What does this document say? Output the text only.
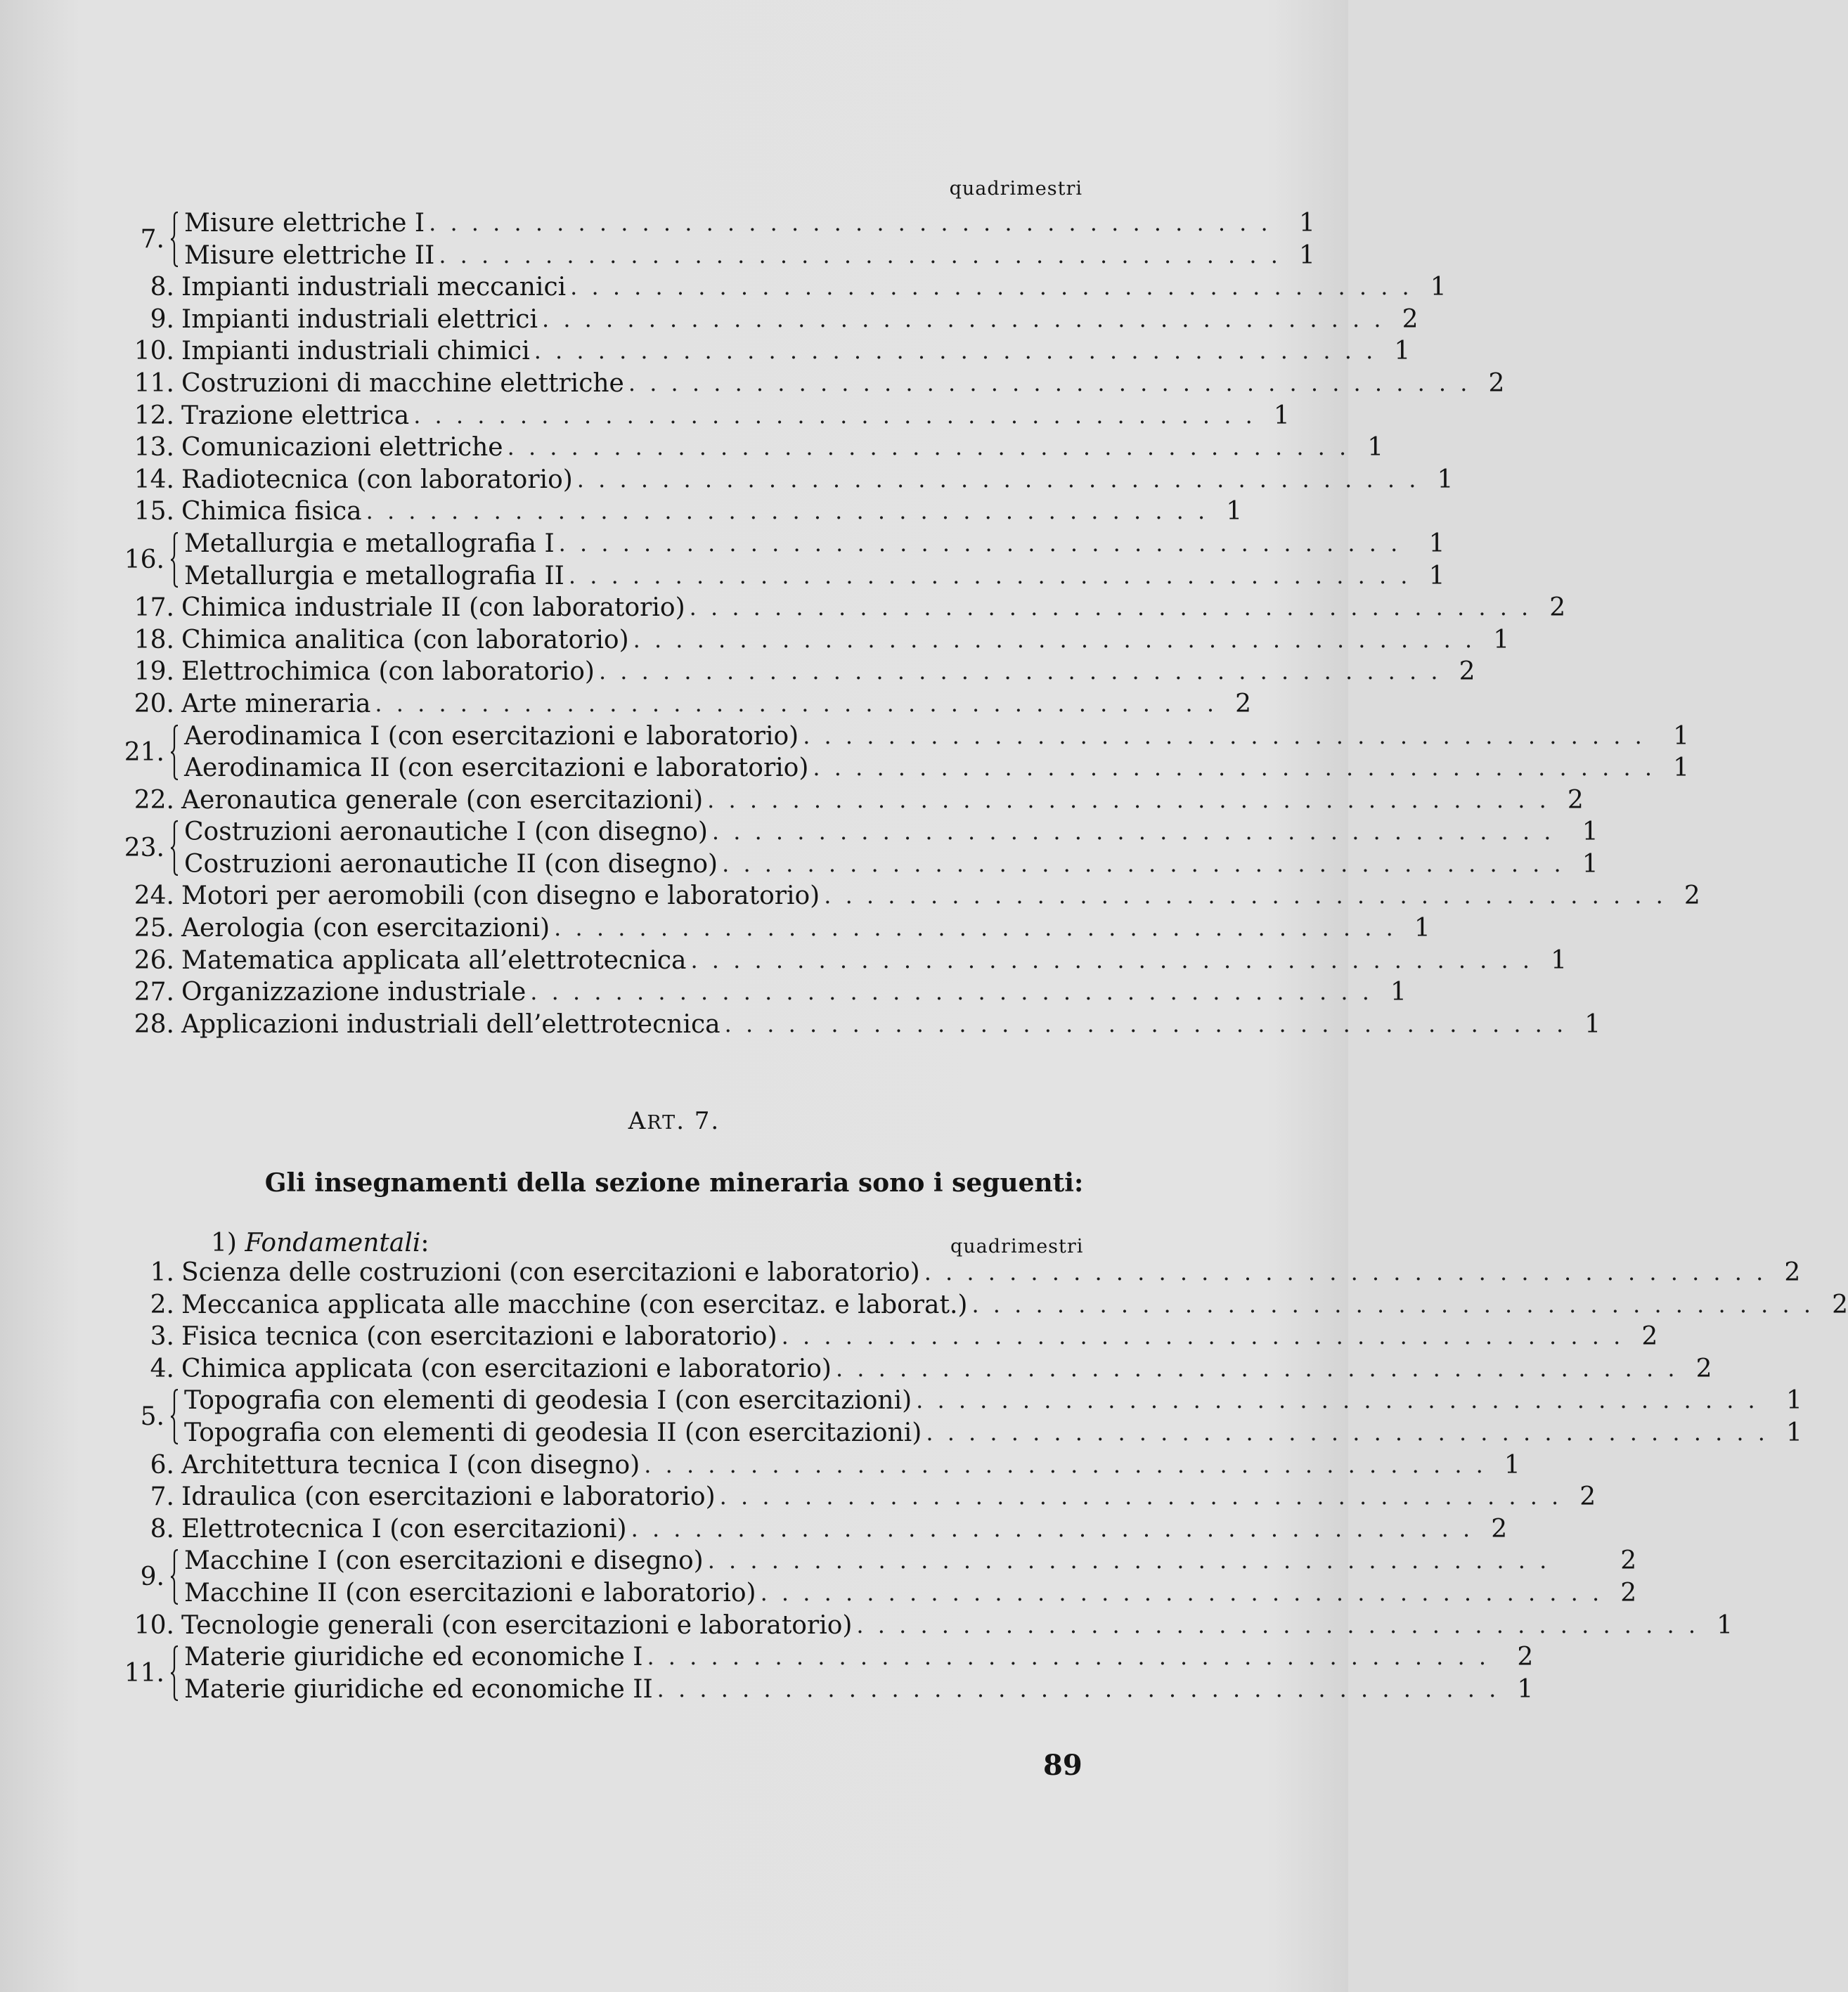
quadrimestri
7.
Misure elettriche I . . . . . . . . . . . . . . . . . . . . . . . . . . . . . . . . . . . . . . . .	1
Misure elettriche II . . . . . . . . . . . . . . . . . . . . . . . . . . . . . . . . . . . . . . . . 1
8. Impianti industriali meccanici . . . . . . . . . . . . . . . . . . . . . . . . . . . . . . . . . . . . . . . . 1
9. Impianti industriali elettrici . . . . . . . . . . . . . . . . . . . . . . . . . . . . . . . . . . . . . . . . 2
10. Impianti industriali chimici . . . . . . . . . . . . . . . . . . . . . . . . . . . . . . . . . . . . . . . . 1
11. Costruzioni di macchine elettriche . . . . . . . . . . . . . . . . . . . . . . . . . . . . . . . . . . . . . . . . 2
12. Trazione elettrica . . . . . . . . . . . . . . . . . . . . . . . . . . . . . . . . . . . . . . . . 1
13. Comunicazioni elettriche . . . . . . . . . . . . . . . . . . . . . . . . . . . . . . . . . . . . . . . . 1
14. Radiotecnica (con laboratorio) . . . . . . . . . . . . . . . . . . . . . . . . . . . . . . . . . . . . . . . . 1
15. Chimica fisica . . . . . . . . . . . . . . . . . . . . . . . . . . . . . . . . . . . . . . . . 1
16.
Metallurgia e metallografia I . . . . . . . . . . . . . . . . . . . . . . . . . . . . . . . . . . . . . . . .	1
Metallurgia e metallografia II . . . . . . . . . . . . . . . . . . . . . . . . . . . . . . . . . . . . . . . . 1
17. Chimica industriale II (con laboratorio) . . . . . . . . . . . . . . . . . . . . . . . . . . . . . . . . . . . . . . . . 2
18. Chimica analitica (con laboratorio) . . . . . . . . . . . . . . . . . . . . . . . . . . . . . . . . . . . . . . . . 1
19. Elettrochimica (con laboratorio) . . . . . . . . . . . . . . . . . . . . . . . . . . . . . . . . . . . . . . . . 2
20. Arte mineraria . . . . . . . . . . . . . . . . . . . . . . . . . . . . . . . . . . . . . . . . 2
21.
Aerodinamica I (con esercitazioni e laboratorio) . . . . . . . . . . . . . . . . . . . . . . . . . . . . . . . . . . . . . . . .	1
Aerodinamica II (con esercitazioni e laboratorio) . . . . . . . . . . . . . . . . . . . . . . . . . . . . . . . . . . . . . . . . 1
22. Aeronautica generale (con esercitazioni) . . . . . . . . . . . . . . . . . . . . . . . . . . . . . . . . . . . . . . . . 2
23.
Costruzioni aeronautiche I (con disegno) . . . . . . . . . . . . . . . . . . . . . . . . . . . . . . . . . . . . . . . .	1
Costruzioni aeronautiche II (con disegno) . . . . . . . . . . . . . . . . . . . . . . . . . . . . . . . . . . . . . . . . 1
24. Motori per aeromobili (con disegno e laboratorio) . . . . . . . . . . . . . . . . . . . . . . . . . . . . . . . . . . . . . . . . 2
25. Aerologia (con esercitazioni) . . . . . . . . . . . . . . . . . . . . . . . . . . . . . . . . . . . . . . . . 1
26. Matematica applicata all’elettrotecnica . . . . . . . . . . . . . . . . . . . . . . . . . . . . . . . . . . . . . . . . 1
27. Organizzazione industriale . . . . . . . . . . . . . . . . . . . . . . . . . . . . . . . . . . . . . . . . 1
28. Applicazioni industriali dell’elettrotecnica . . . . . . . . . . . . . . . . . . . . . . . . . . . . . . . . . . . . . . . . 1
ART. 7.
Gli insegnamenti della sezione mineraria sono i seguenti:
1) Fondamentali:	quadrimestri
1. Scienza delle costruzioni (con esercitazioni e laboratorio) . . . . . . . . . . . . . . . . . . . . . . . . . . . . . . . . . . . . . . . . 2
2. Meccanica applicata alle macchine (con esercitaz. e laborat.) . . . . . . . . . . . . . . . . . . . . . . . . . . . . . . . . . . . . . . . . 2
3. Fisica tecnica (con esercitazioni e laboratorio) . . . . . . . . . . . . . . . . . . . . . . . . . . . . . . . . . . . . . . . . 2
4. Chimica applicata (con esercitazioni e laboratorio) . . . . . . . . . . . . . . . . . . . . . . . . . . . . . . . . . . . . . . . . 2
5.
Topografia con elementi di geodesia I (con esercitazioni) . . . . . . . . . . . . . . . . . . . . . . . . . . . . . . . . . . . . . . . .	1
Topografia con elementi di geodesia II (con esercitazioni) . . . . . . . . . . . . . . . . . . . . . . . . . . . . . . . . . . . . . . . . 1
6. Architettura tecnica I (con disegno) . . . . . . . . . . . . . . . . . . . . . . . . . . . . . . . . . . . . . . . . 1
7. Idraulica (con esercitazioni e laboratorio) . . . . . . . . . . . . . . . . . . . . . . . . . . . . . . . . . . . . . . . . 2
8. Elettrotecnica I (con esercitazioni) . . . . . . . . . . . . . . . . . . . . . . . . . . . . . . . . . . . . . . . . 2
9.
Macchine I (con esercitazioni e disegno) . . . . . . . . . . . . . . . . . . . . . . . . . . . . . . . . . . . . . . . .	2
Macchine II (con esercitazioni e laboratorio) . . . . . . . . . . . . . . . . . . . . . . . . . . . . . . . . . . . . . . . . 2
10. Tecnologie generali (con esercitazioni e laboratorio) . . . . . . . . . . . . . . . . . . . . . . . . . . . . . . . . . . . . . . . . 1
11.
Materie giuridiche ed economiche I . . . . . . . . . . . . . . . . . . . . . . . . . . . . . . . . . . . . . . . .	2
Materie giuridiche ed economiche II . . . . . . . . . . . . . . . . . . . . . . . . . . . . . . . . . . . . . . . . 1
89
